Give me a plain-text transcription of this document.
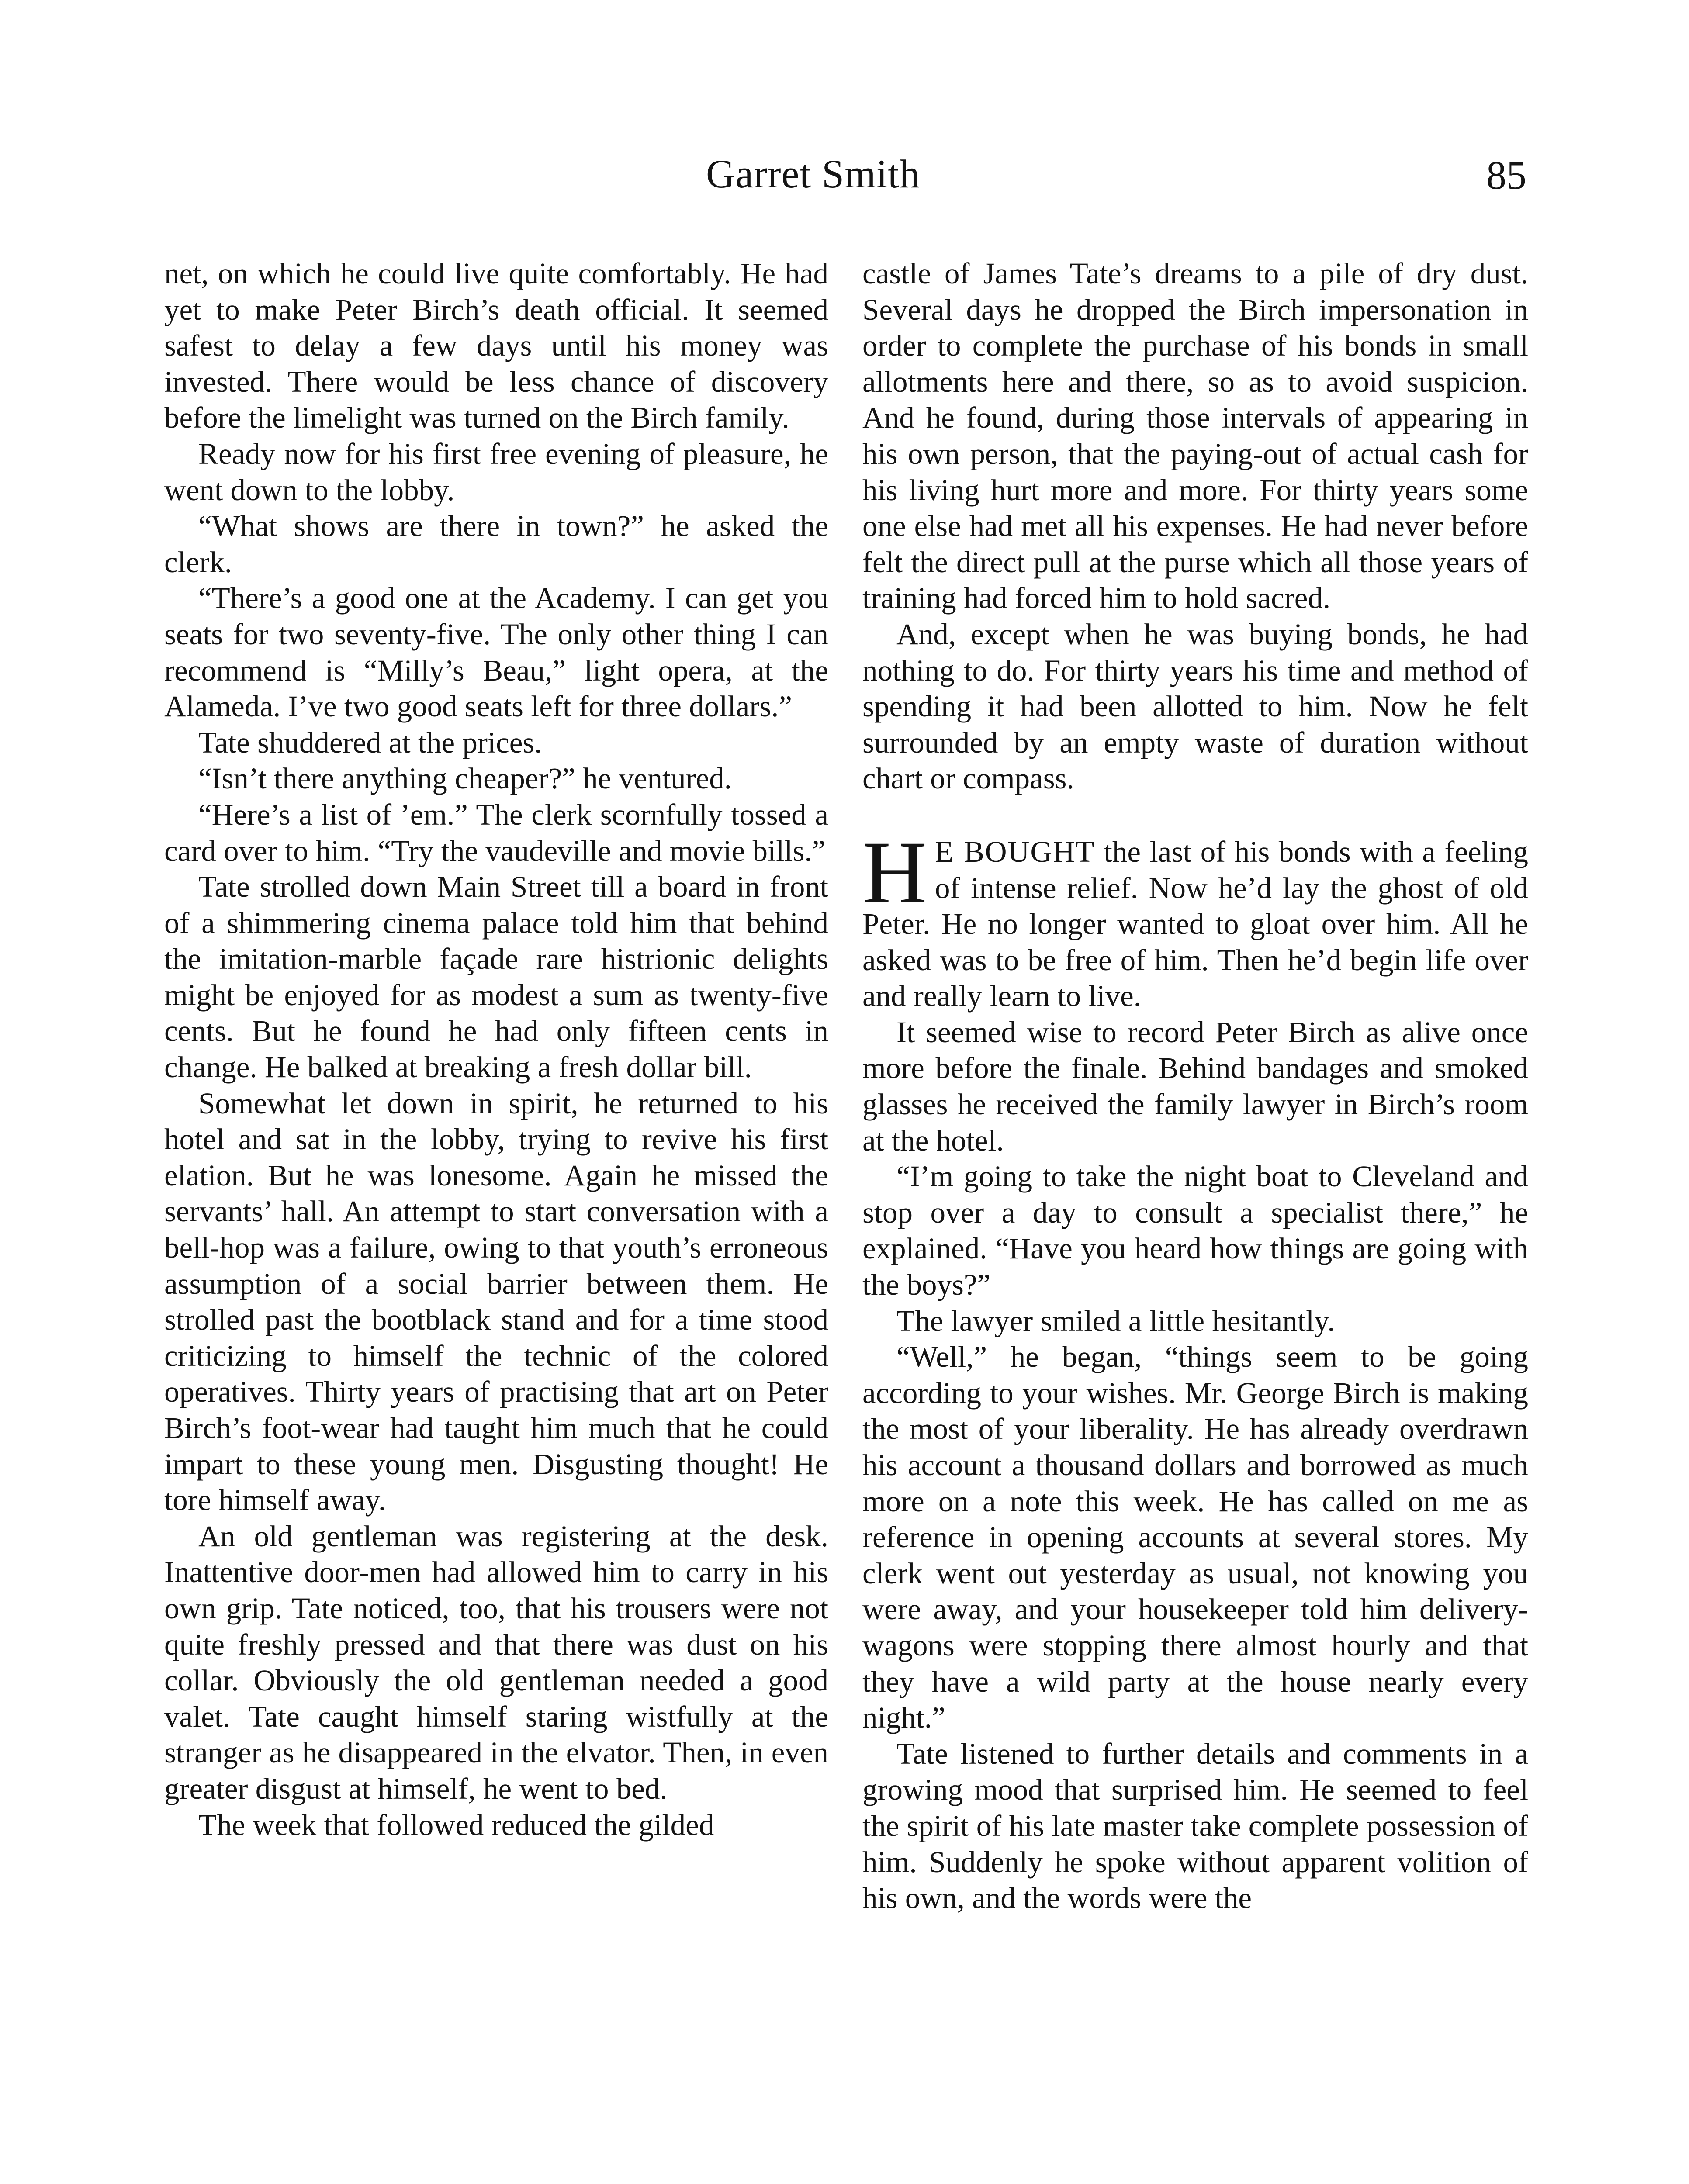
Garret Smith	85

net, on which he could live quite comfortably. He had yet to make Peter Birch’s death official. It seemed safest to delay a few days until his money was invested. There would be less chance of discovery before the limelight was turned on the Birch family.

Ready now for his first free evening of pleasure, he went down to the lobby.

“What shows are there in town?” he asked the clerk.

“There’s a good one at the Academy. I can get you seats for two seventy-five. The only other thing I can recommend is “Milly’s Beau,” light opera, at the Alameda. I’ve two good seats left for three dollars.”

Tate shuddered at the prices.

“Isn’t there anything cheaper?” he ventured.

“Here’s a list of ’em.” The clerk scornfully tossed a card over to him. “Try the vaudeville and movie bills.”

Tate strolled down Main Street till a board in front of a shimmering cinema palace told him that behind the imitation-marble façade rare histrionic delights might be enjoyed for as modest a sum as twenty-five cents. But he found he had only fifteen cents in change. He balked at breaking a fresh dollar bill.

Somewhat let down in spirit, he returned to his hotel and sat in the lobby, trying to revive his first elation. But he was lonesome. Again he missed the servants’ hall. An attempt to start conversation with a bell-hop was a failure, owing to that youth’s erroneous assumption of a social barrier between them. He strolled past the bootblack stand and for a time stood criticizing to himself the technic of the colored operatives. Thirty years of practising that art on Peter Birch’s foot-wear had taught him much that he could impart to these young men. Disgusting thought! He tore himself away.

An old gentleman was registering at the desk. Inattentive door-men had allowed him to carry in his own grip. Tate noticed, too, that his trousers were not quite freshly pressed and that there was dust on his collar. Obviously the old gentleman needed a good valet. Tate caught himself staring wistfully at the stranger as he disappeared in the elvator. Then, in even greater disgust at himself, he went to bed.

The week that followed reduced the gilded

castle of James Tate’s dreams to a pile of dry dust. Several days he dropped the Birch impersonation in order to complete the purchase of his bonds in small allotments here and there, so as to avoid suspicion. And he found, during those intervals of appearing in his own person, that the paying-out of actual cash for his living hurt more and more. For thirty years some one else had met all his expenses. He had never before felt the direct pull at the purse which all those years of training had forced him to hold sacred.

And, except when he was buying bonds, he had nothing to do. For thirty years his time and method of spending it had been allotted to him. Now he felt surrounded by an empty waste of duration without chart or compass.

H E BOUGHT the last of his bonds with a feeling of intense relief. Now he’d lay the ghost of old Peter. He no longer wanted to gloat over him. All he asked was to be free of him. Then he’d begin life over and really learn to live.

It seemed wise to record Peter Birch as alive once more before the finale. Behind bandages and smoked glasses he received the family lawyer in Birch’s room at the hotel.

“I’m going to take the night boat to Cleveland and stop over a day to consult a specialist there,” he explained. “Have you heard how things are going with the boys?”

The lawyer smiled a little hesitantly.

“Well,” he began, “things seem to be going according to your wishes. Mr. George Birch is making the most of your liberality. He has already overdrawn his account a thousand dollars and borrowed as much more on a note this week. He has called on me as reference in opening accounts at several stores. My clerk went out yesterday as usual, not knowing you were away, and your housekeeper told him delivery-wagons were stopping there almost hourly and that they have a wild party at the house nearly every night.”

Tate listened to further details and comments in a growing mood that surprised him. He seemed to feel the spirit of his late master take complete possession of him. Suddenly he spoke without apparent volition of his own, and the words were the
